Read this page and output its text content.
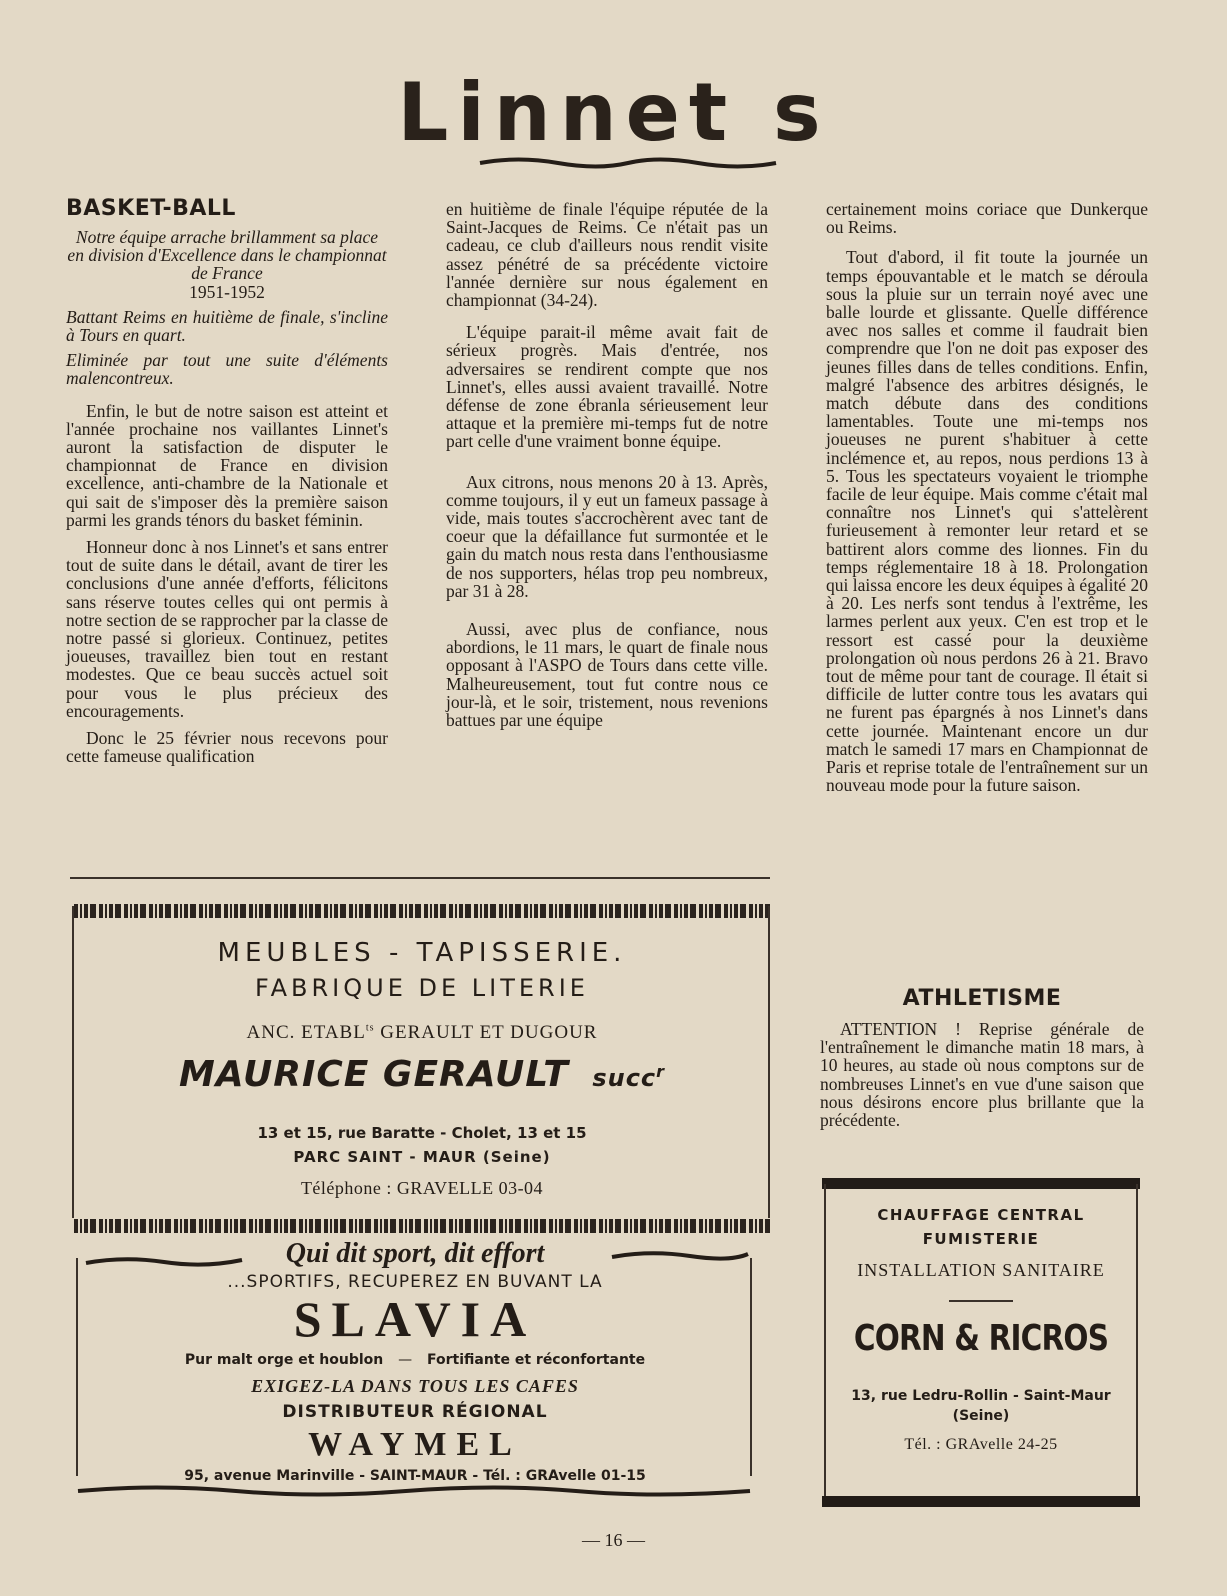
Linnet s
BASKET-BALL

Notre équipe arrache brillamment sa place en division d'Excellence dans le championnat de France

1951-1952

Battant Reims en huitième de finale, s'incline à Tours en quart.

Eliminée par tout une suite d'éléments malencontreux.

Enfin, le but de notre saison est atteint et l'année prochaine nos vaillantes Linnet's auront la satisfaction de disputer le championnat de France en division excellence, anti-chambre de la Nationale et qui sait de s'imposer dès la première saison parmi les grands ténors du basket féminin.

Honneur donc à nos Linnet's et sans entrer tout de suite dans le détail, avant de tirer les conclusions d'une année d'efforts, félicitons sans réserve toutes celles qui ont permis à notre section de se rapprocher par la classe de notre passé si glorieux. Continuez, petites joueuses, travaillez bien tout en restant modestes. Que ce beau succès actuel soit pour vous le plus précieux des encouragements.

Donc le 25 février nous recevons pour cette fameuse qualification

en huitième de finale l'équipe réputée de la Saint-Jacques de Reims. Ce n'était pas un cadeau, ce club d'ailleurs nous rendit visite assez pénétré de sa précédente victoire l'année dernière sur nous également en championnat (34-24).

L'équipe parait-il même avait fait de sérieux progrès. Mais d'entrée, nos adversaires se rendirent compte que nos Linnet's, elles aussi avaient travaillé. Notre défense de zone ébranla sérieusement leur attaque et la première mi-temps fut de notre part celle d'une vraiment bonne équipe.

Aux citrons, nous menons 20 à 13. Après, comme toujours, il y eut un fameux passage à vide, mais toutes s'accrochèrent avec tant de coeur que la défaillance fut surmontée et le gain du match nous resta dans l'enthousiasme de nos supporters, hélas trop peu nombreux, par 31 à 28.

Aussi, avec plus de confiance, nous abordions, le 11 mars, le quart de finale nous opposant à l'ASPO de Tours dans cette ville. Malheureusement, tout fut contre nous ce jour-là, et le soir, tristement, nous revenions battues par une équipe

certainement moins coriace que Dunkerque ou Reims.

Tout d'abord, il fit toute la journée un temps épouvantable et le match se déroula sous la pluie sur un terrain noyé avec une balle lourde et glissante. Quelle différence avec nos salles et comme il faudrait bien comprendre que l'on ne doit pas exposer des jeunes filles dans de telles conditions. Enfin, malgré l'absence des arbitres désignés, le match débute dans des conditions lamentables. Toute une mi-temps nos joueuses ne purent s'habituer à cette inclémence et, au repos, nous perdions 13 à 5. Tous les spectateurs voyaient le triomphe facile de leur équipe. Mais comme c'était mal connaître nos Linnet's qui s'attelèrent furieusement à remonter leur retard et se battirent alors comme des lionnes. Fin du temps réglementaire 18 à 18. Prolongation qui laissa encore les deux équipes à égalité 20 à 20. Les nerfs sont tendus à l'extrême, les larmes perlent aux yeux. C'en est trop et le ressort est cassé pour la deuxième prolongation où nous perdons 26 à 21. Bravo tout de même pour tant de courage. Il était si difficile de lutter contre tous les avatars qui ne furent pas épargnés à nos Linnet's dans cette journée. Maintenant encore un dur match le samedi 17 mars en Championnat de Paris et reprise totale de l'entraînement sur un nouveau mode pour la future saison.

ATHLETISME

ATTENTION ! Reprise générale de l'entraînement le dimanche matin 18 mars, à 10 heures, au stade où nous comptons sur de nombreuses Linnet's en vue d'une saison que nous désirons encore plus brillante que la précédente.

MEUBLES - TAPISSERIE.
FABRIQUE DE LITERIE
ANC. $ETABL^{ts}$ GERAULT ET DUGOUR
MAURICE GERAULT succ$^r$
13 et 15, rue Baratte - Cholet, 13 et 15
PARC SAINT - MAUR (Seine)
Téléphone : GRAVELLE 03-04
Qui dit sport, dit effort
...SPORTIFS, RECUPEREZ EN BUVANT LA
SLAVIA
Pur malt orge et houblon — Fortifiante et réconfortante
EXIGEZ-LA DANS TOUS LES CAFES
DISTRIBUTEUR RÉGIONAL
WAYMEL
95, avenue Marinville - SAINT-MAUR - Tél. : GRAvelle 01-15
CHAUFFAGE CENTRAL
FUMISTERIE
INSTALLATION SANITAIRE
CORN & RICROS
13, rue Ledru-Rollin - Saint-Maur
(Seine)
Tél. : GRAvelle 24-25
— 16 —
